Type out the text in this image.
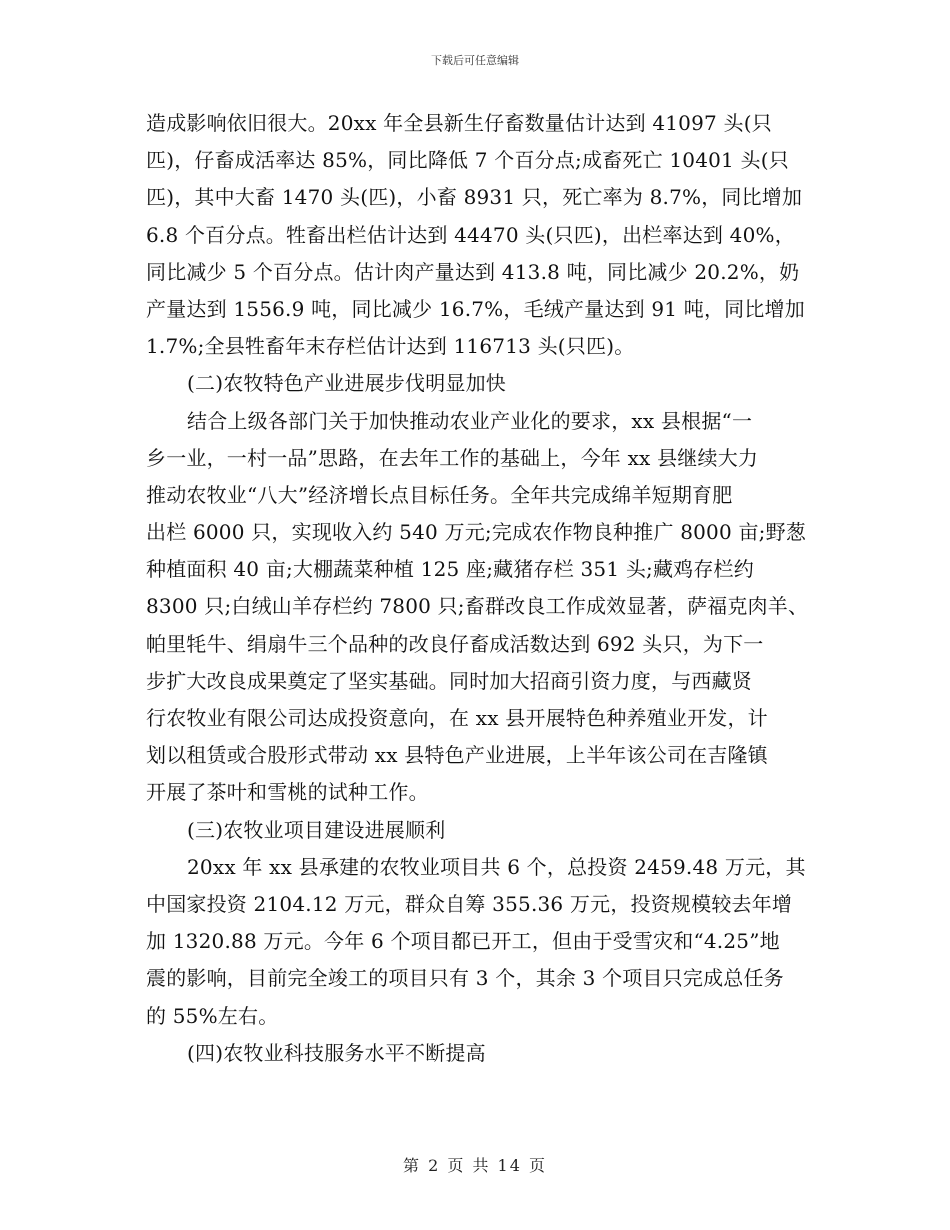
下载后可任意编辑
造成影响依旧很大。20xx 年全县新生仔畜数量估计达到 41097 头(只
匹)，仔畜成活率达 85%，同比降低 7 个百分点;成畜死亡 10401 头(只
匹)，其中大畜 1470 头(匹)，小畜 8931 只，死亡率为 8.7%，同比增加
6.8 个百分点。牲畜出栏估计达到 44470 头(只匹)，出栏率达到 40%，
同比减少 5 个百分点。估计肉产量达到 413.8 吨，同比减少 20.2%，奶
产量达到 1556.9 吨，同比减少 16.7%，毛绒产量达到 91 吨，同比增加
1.7%;全县牲畜年末存栏估计达到 116713 头(只匹)。
(二)农牧特色产业进展步伐明显加快
结合上级各部门关于加快推动农业产业化的要求，xx 县根据“一
乡一业，一村一品”思路，在去年工作的基础上，今年 xx 县继续大力
推动农牧业“八大”经济增长点目标任务。全年共完成绵羊短期育肥
出栏 6000 只，实现收入约 540 万元;完成农作物良种推广 8000 亩;野葱
种植面积 40 亩;大棚蔬菜种植 125 座;藏猪存栏 351 头;藏鸡存栏约
8300 只;白绒山羊存栏约 7800 只;畜群改良工作成效显著，萨福克肉羊、
帕里牦牛、绢扇牛三个品种的改良仔畜成活数达到 692 头只，为下一
步扩大改良成果奠定了坚实基础。同时加大招商引资力度，与西藏贤
行农牧业有限公司达成投资意向，在 xx 县开展特色种养殖业开发，计
划以租赁或合股形式带动 xx 县特色产业进展，上半年该公司在吉隆镇
开展了茶叶和雪桃的试种工作。
(三)农牧业项目建设进展顺利
20xx 年 xx 县承建的农牧业项目共 6 个，总投资 2459.48 万元，其
中国家投资 2104.12 万元，群众自筹 355.36 万元，投资规模较去年增
加 1320.88 万元。今年 6 个项目都已开工，但由于受雪灾和“4.25”地
震的影响，目前完全竣工的项目只有 3 个，其余 3 个项目只完成总任务
的 55%左右。
(四)农牧业科技服务水平不断提高
第 2 页 共 14 页
